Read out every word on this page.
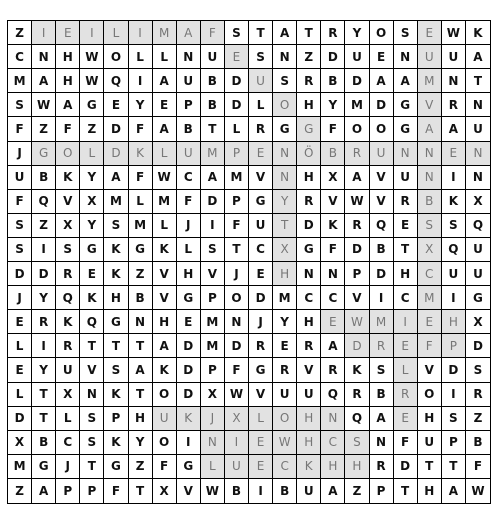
Z	I	E	I	L	I	M	A	F	S	T	A	T	R	Y	O	S	E	W	K
C	N	H	W	O	L	L	N	U	E	S	N	Z	D	U	E	N	U	U	A
M	A	H	W	Q	I	A	U	B	D	U	S	R	B	D	A	A	M	N	T
S	W	A	G	E	Y	E	P	B	D	L	O	H	Y	M	D	G	V	R	N
F	Z	F	Z	D	F	A	B	T	L	R	G	G	F	O	O	G	A	A	U
J	G	O	L	D	K	L	U	M	P	E	N	Ö	B	R	U	N	N	E	N
U	B	K	Y	A	F	W	C	A	M	V	N	H	X	A	V	U	N	I	N
F	Q	V	X	M	L	M	F	D	P	G	Y	R	V	W	V	R	B	K	X
S	Z	X	Y	S	M	L	J	I	F	U	T	D	K	R	Q	E	S	S	Q
S	I	S	G	K	G	K	L	S	T	C	X	G	F	D	B	T	X	Q	U
D	D	R	E	K	Z	V	H	V	J	E	H	N	N	P	D	H	C	U	U
J	Y	Q	K	H	B	V	G	P	O	D	M	C	C	V	I	C	M	I	G
E	R	K	Q	G	N	H	E	M	N	J	Y	H	E	W	M	I	E	H	X
L	I	R	T	T	T	A	D	M	D	R	E	R	A	D	R	E	F	P	D
E	Y	U	V	S	A	K	D	P	F	G	R	V	R	K	S	L	V	D	S
L	T	X	N	K	T	O	D	X	W	V	U	U	Q	R	B	R	O	I	R
D	T	L	S	P	H	U	K	J	X	L	O	H	N	Q	A	E	H	S	Z
X	B	C	S	K	Y	O	I	N	I	E	W	H	C	S	N	F	U	P	B
M	G	J	T	G	Z	F	G	L	U	E	C	K	H	H	R	D	T	T	F
Z	A	P	P	F	T	X	V	W	B	I	B	U	A	Z	P	T	H	A	W
